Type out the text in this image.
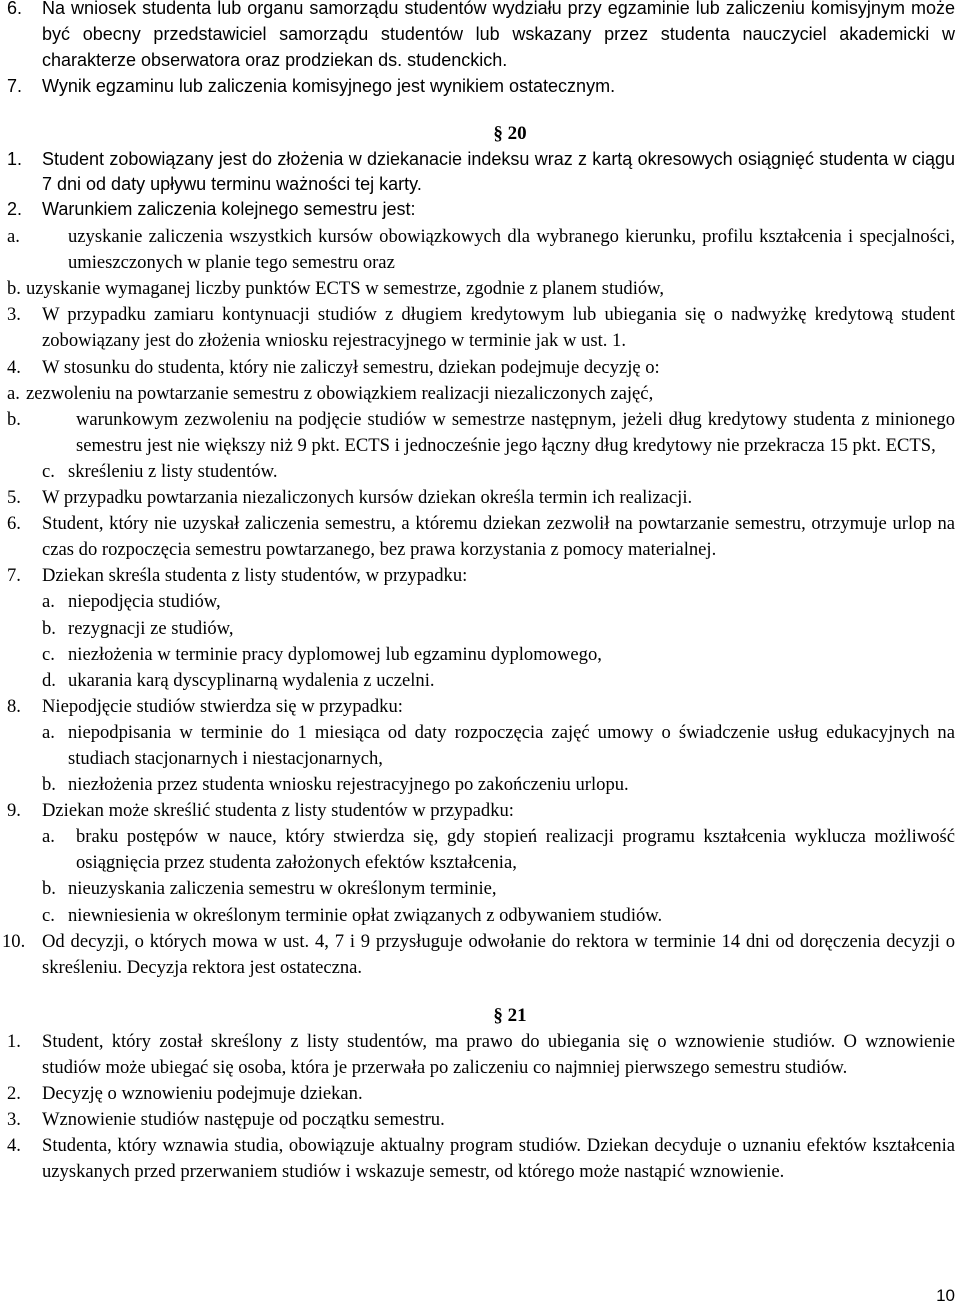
6. Na wniosek studenta lub organu samorządu studentów wydziału przy egzaminie lub zaliczeniu komisyjnym może być obecny przedstawiciel samorządu studentów lub wskazany przez studenta nauczyciel akademicki w charakterze obserwatora oraz prodziekan ds. studenckich.
7. Wynik egzaminu lub zaliczenia komisyjnego jest wynikiem ostatecznym.
§ 20
1. Student zobowiązany jest do złożenia w dziekanacie indeksu wraz z kartą okresowych osiągnięć studenta w ciągu 7 dni od daty upływu terminu ważności tej karty.
2. Warunkiem zaliczenia kolejnego semestru jest:
a.	uzyskanie zaliczenia wszystkich kursów obowiązkowych dla wybranego kierunku, profilu kształcenia i specjalności, umieszczonych w planie tego semestru oraz
b. uzyskanie wymaganej liczby punktów ECTS w semestrze, zgodnie z planem studiów,
3. W przypadku zamiaru kontynuacji studiów z długiem kredytowym lub ubiegania się o nadwyżkę kredytową student zobowiązany jest do złożenia wniosku rejestracyjnego w terminie jak w ust. 1.
4. W stosunku do studenta, który nie zaliczył semestru, dziekan podejmuje decyzję o:
a. zezwoleniu na powtarzanie semestru z obowiązkiem realizacji niezaliczonych zajęć,
b.	warunkowym zezwoleniu na podjęcie studiów w semestrze następnym, jeżeli dług kredytowy studenta z minionego semestru jest nie większy niż 9 pkt. ECTS i jednocześnie jego łączny dług kredytowy nie przekracza 15 pkt. ECTS,
c. skreśleniu z listy studentów.
5. W przypadku powtarzania niezaliczonych kursów dziekan określa termin ich realizacji.
6. Student, który nie uzyskał zaliczenia semestru, a któremu dziekan zezwolił na powtarzanie semestru, otrzymuje urlop na czas do rozpoczęcia semestru powtarzanego, bez prawa korzystania z pomocy materialnej.
7. Dziekan skreśla studenta z listy studentów, w przypadku:
a. niepodjęcia studiów,
b. rezygnacji ze studiów,
c. niezłożenia w terminie pracy dyplomowej lub egzaminu dyplomowego,
d. ukarania karą dyscyplinarną wydalenia z uczelni.
8. Niepodjęcie studiów stwierdza się w przypadku:
a. niepodpisania w terminie do 1 miesiąca od daty rozpoczęcia zajęć umowy o świadczenie usług edukacyjnych na studiach stacjonarnych i niestacjonarnych,
b. niezłożenia przez studenta wniosku rejestracyjnego po zakończeniu urlopu.
9. Dziekan może skreślić studenta z listy studentów w przypadku:
a. braku postępów w nauce, który stwierdza się, gdy stopień realizacji programu kształcenia wyklucza możliwość osiągnięcia przez studenta założonych efektów kształcenia,
b. nieuzyskania zaliczenia semestru w określonym terminie,
c. niewniesienia w określonym terminie opłat związanych z odbywaniem studiów.
10. Od decyzji, o których mowa w ust. 4, 7 i 9 przysługuje odwołanie do rektora w terminie 14 dni od doręczenia decyzji o skreśleniu. Decyzja rektora jest ostateczna.
§ 21
1. Student, który został skreślony z listy studentów, ma prawo do ubiegania się o wznowienie studiów. O wznowienie studiów może ubiegać się osoba, która je przerwała po zaliczeniu co najmniej pierwszego semestru studiów.
2. Decyzję o wznowieniu podejmuje dziekan.
3. Wznowienie studiów następuje od początku semestru.
4. Studenta, który wznawia studia, obowiązuje aktualny program studiów. Dziekan decyduje o uznaniu efektów kształcenia uzyskanych przed przerwaniem studiów i wskazuje semestr, od którego może nastąpić wznowienie.
10
